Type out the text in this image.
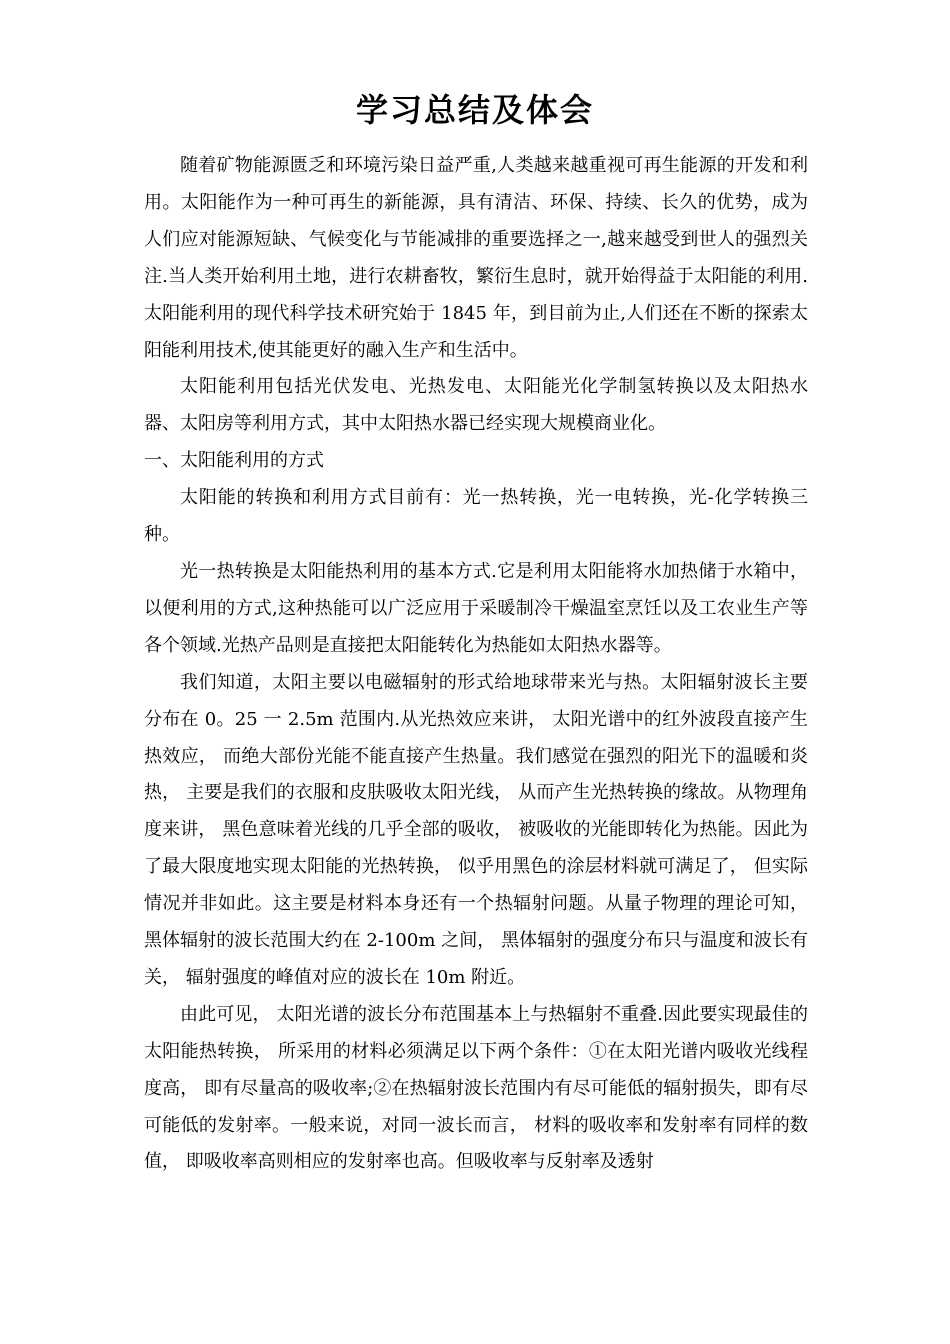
学习总结及体会

随着矿物能源匮乏和环境污染日益严重,人类越来越重视可再生能源的开发和利用。太阳能作为一种可再生的新能源，具有清洁、环保、持续、长久的优势，成为人们应对能源短缺、气候变化与节能减排的重要选择之一,越来越受到世人的强烈关注.当人类开始利用土地，进行农耕畜牧，繁衍生息时，就开始得益于太阳能的利用.太阳能利用的现代科学技术研究始于 1845 年，到目前为止,人们还在不断的探索太阳能利用技术,使其能更好的融入生产和生活中。

太阳能利用包括光伏发电、光热发电、太阳能光化学制氢转换以及太阳热水器、太阳房等利用方式，其中太阳热水器已经实现大规模商业化。

一、太阳能利用的方式

太阳能的转换和利用方式目前有：光一热转换，光一电转换，光-化学转换三种。

光一热转换是太阳能热利用的基本方式.它是利用太阳能将水加热储于水箱中，以便利用的方式,这种热能可以广泛应用于采暖制冷干燥温室烹饪以及工农业生产等各个领域.光热产品则是直接把太阳能转化为热能如太阳热水器等。

我们知道，太阳主要以电磁辐射的形式给地球带来光与热。太阳辐射波长主要分布在 0。25 一 2.5m 范围内.从光热效应来讲， 太阳光谱中的红外波段直接产生热效应， 而绝大部份光能不能直接产生热量。我们感觉在强烈的阳光下的温暖和炎热， 主要是我们的衣服和皮肤吸收太阳光线， 从而产生光热转换的缘故。从物理角度来讲， 黑色意味着光线的几乎全部的吸收， 被吸收的光能即转化为热能。因此为了最大限度地实现太阳能的光热转换， 似乎用黑色的涂层材料就可满足了， 但实际情况并非如此。这主要是材料本身还有一个热辐射问题。从量子物理的理论可知，黑体辐射的波长范围大约在 2-100m 之间， 黑体辐射的强度分布只与温度和波长有关， 辐射强度的峰值对应的波长在 10m 附近。

由此可见， 太阳光谱的波长分布范围基本上与热辐射不重叠.因此要实现最佳的太阳能热转换， 所采用的材料必须满足以下两个条件：①在太阳光谱内吸收光线程度高， 即有尽量高的吸收率;②在热辐射波长范围内有尽可能低的辐射损失，即有尽可能低的发射率。一般来说，对同一波长而言， 材料的吸收率和发射率有同样的数值， 即吸收率高则相应的发射率也高。但吸收率与反射率及透射
